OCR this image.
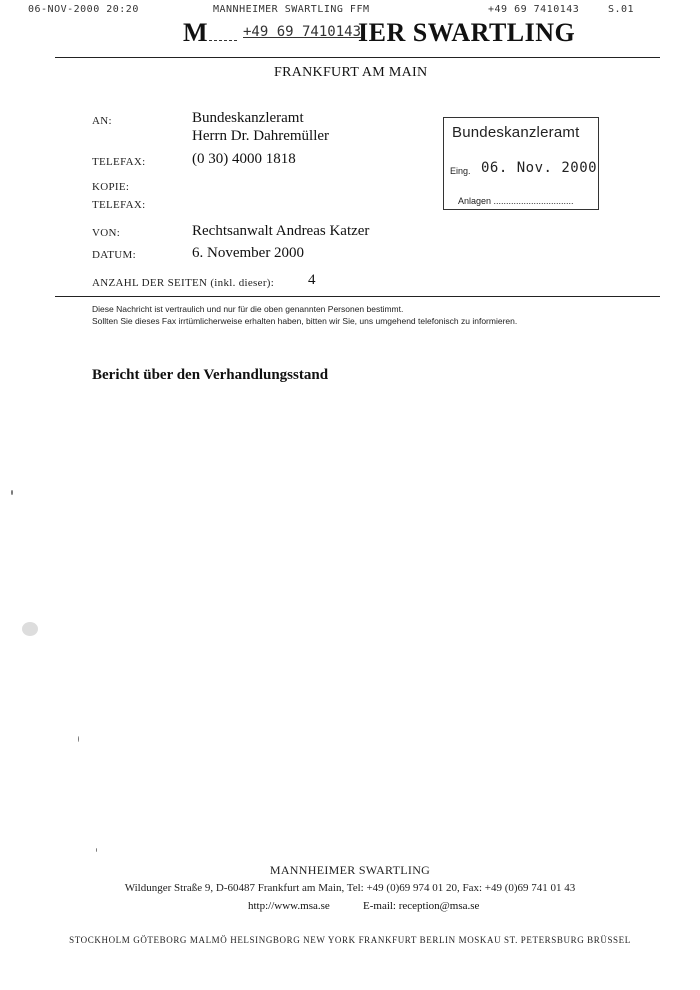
06-NOV-2000 20:20	MANNHEIMER SWARTLING FFM	+49 69 7410143	S.01
M +49 69 7410143
IER SWARTLING
FRANKFURT AM MAIN
AN:	Bundeskanzleramt
Herrn Dr. Dahremüller
TELEFAX:	(0 30) 4000 1818
KOPIE:
TELEFAX:
VON:	Rechtsanwalt Andreas Katzer
DATUM:	6. November 2000
ANZAHL DER SEITEN (inkl. dieser): 4
Bundeskanzleramt
Eing. 06. Nov. 2000
Anlagen ................................
Diese Nachricht ist vertraulich und nur für die oben genannten Personen bestimmt.
Sollten Sie dieses Fax irrtümlicherweise erhalten haben, bitten wir Sie, uns umgehend telefonisch zu informieren.
Bericht über den Verhandlungsstand
MANNHEIMER SWARTLING
Wildunger Straße 9, D-60487 Frankfurt am Main, Tel: +49 (0)69 974 01 20, Fax: +49 (0)69 741 01 43
http://www.msa.se	E-mail: reception@msa.se
STOCKHOLM GÖTEBORG MALMÖ HELSINGBORG NEW YORK FRANKFURT BERLIN MOSKAU ST. PETERSBURG BRÜSSEL
